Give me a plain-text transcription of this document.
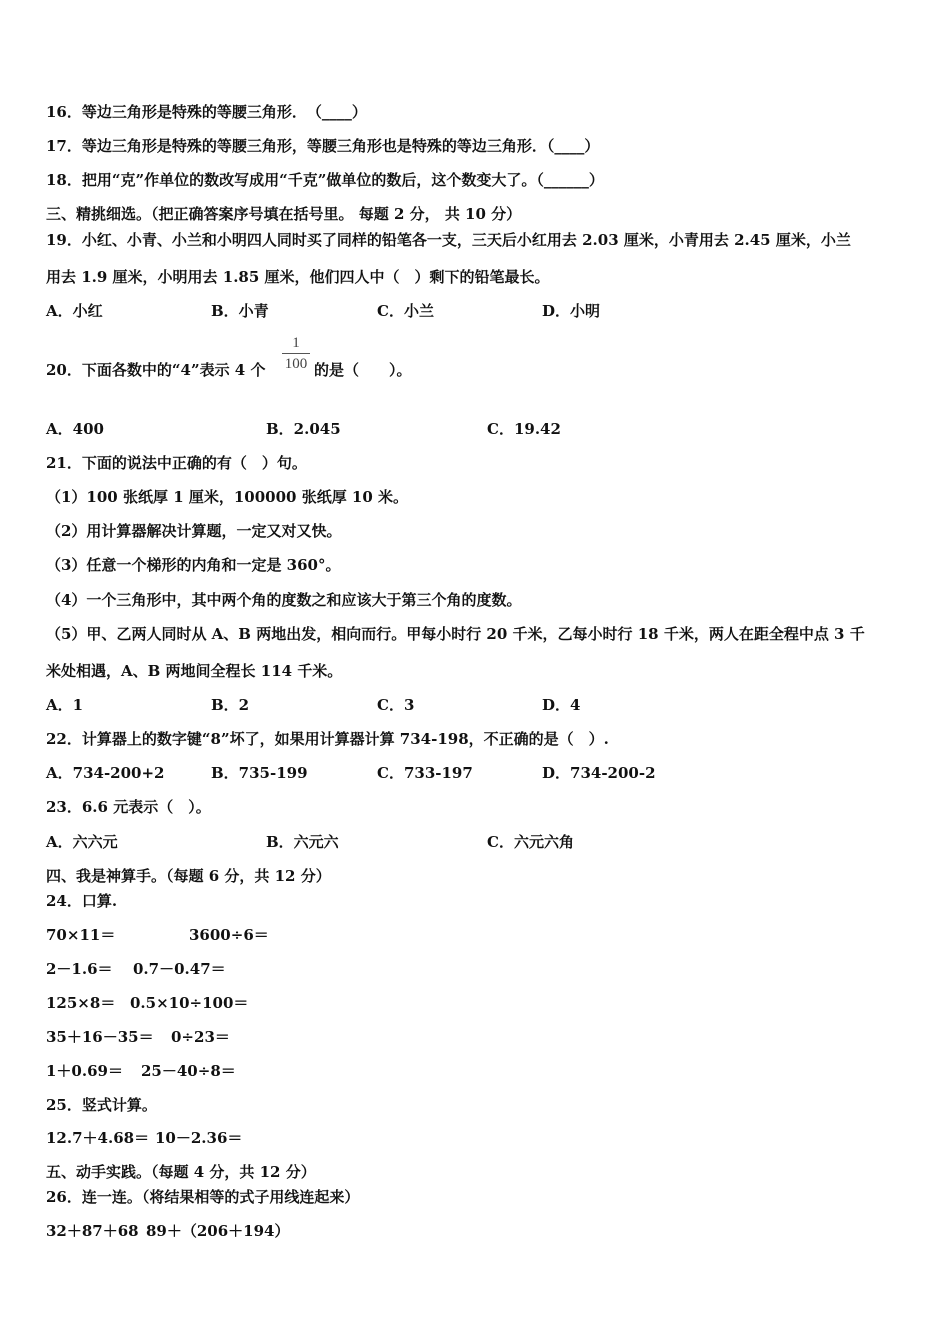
16．等边三角形是特殊的等腰三角形．　（____）
17．等边三角形是特殊的等腰三角形，等腰三角形也是特殊的等边三角形．（____）
18．把用“克”作单位的数改写成用“千克”做单位的数后，这个数变大了。（______）
三、精挑细选。（把正确答案序号填在括号里。 每题 2 分， 共 10 分）
19．小红、小青、小兰和小明四人同时买了同样的铅笔各一支，三天后小红用去 2.03 厘米，小青用去 2.45 厘米，小兰
用去 1.9 厘米，小明用去 1.85 厘米，他们四人中（　）剩下的铅笔最长。
A．小红	B．小青	C．小兰	D．小明
20．下面各数中的“4”表示 4 个
1
100 的是（　　）。
A．400	B．2.045	C．19.42
21．下面的说法中正确的有（　）句。
（1）100 张纸厚 1 厘米，100000 张纸厚 10 米。
（2）用计算器解决计算题，一定又对又快。
（3）任意一个梯形的内角和一定是 360°。
（4）一个三角形中，其中两个角的度数之和应该大于第三个角的度数。
（5）甲、乙两人同时从 A、B 两地出发，相向而行。甲每小时行 20 千米，乙每小时行 18 千米，两人在距全程中点 3 千
米处相遇，A、B 两地间全程长 114 千米。
A．1	B．2	C．3	D．4
22．计算器上的数字键“8”坏了，如果用计算器计算 734-198，不正确的是（　）.
A．734-200+2	B．735-199	C．733-197	D．734-200-2
23．6.6 元表示（　）。
A．六六元	B．六元六	C．六元六角
四、我是神算手。（每题 6 分，共 12 分）
24．口算.
70×11＝	3600÷6＝
2－1.6＝ 0.7－0.47＝
125×8＝ 0.5×10÷100＝
35＋16－35＝ 0÷23＝
1＋0.69＝ 25－40÷8＝
25．竖式计算。
12.7＋4.68＝ 10－2.36＝
五、动手实践。（每题 4 分，共 12 分）
26．连一连。（将结果相等的式子用线连起来）
32＋87＋68 89＋（206＋194）
